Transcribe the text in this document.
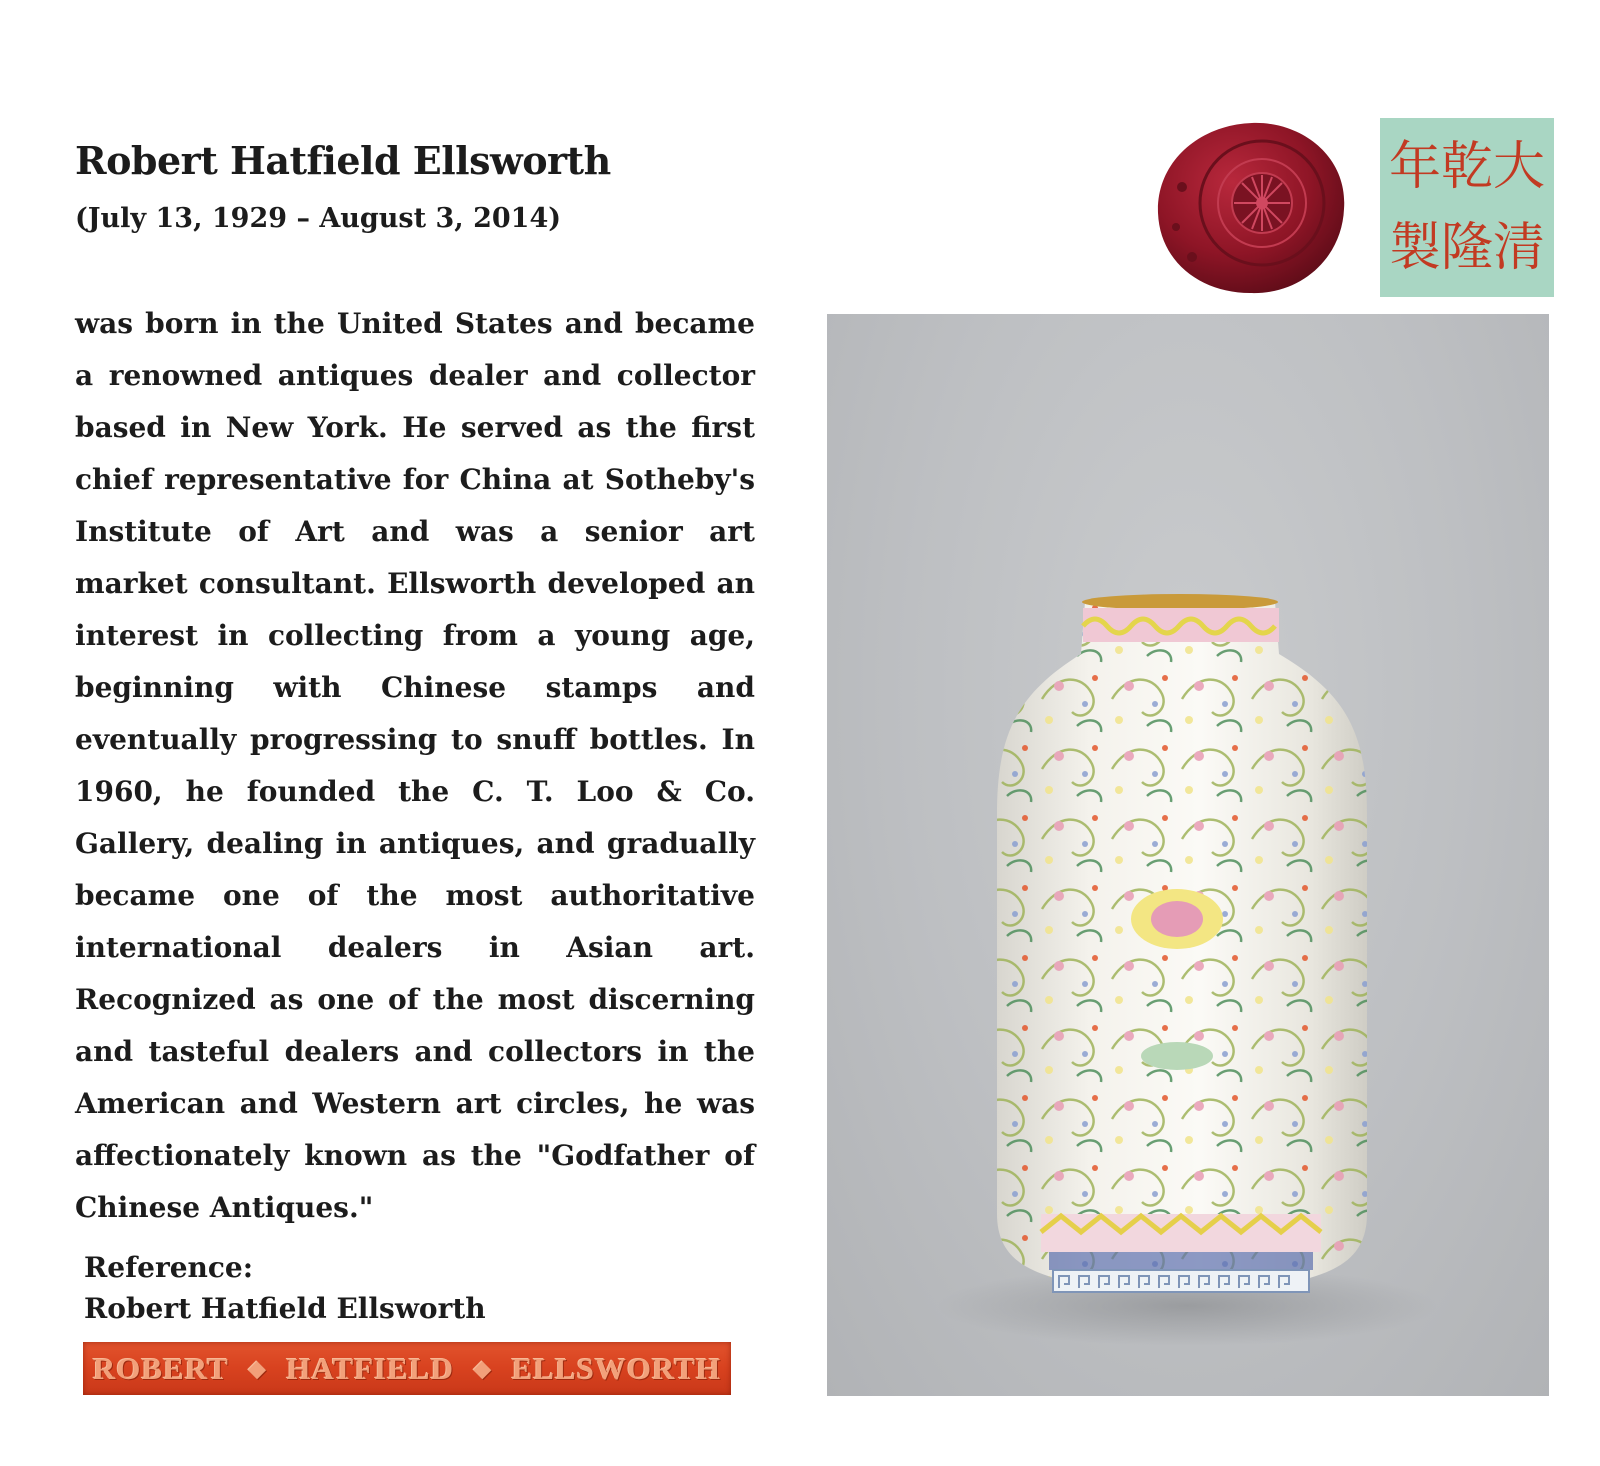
Robert Hatfield Ellsworth

(July 13, 1929 – August 3, 2014)

was born in the United States and became a renowned antiques dealer and collector based in New York. He served as the first chief representative for China at Sotheby's Institute of Art and was a senior art market consultant. Ellsworth developed an interest in collecting from a young age, beginning with Chinese stamps and eventually progressing to snuff bottles. In 1960, he founded the C. T. Loo & Co. Gallery, dealing in antiques, and gradually became one of the most authoritative international dealers in Asian art. Recognized as one of the most discerning and tasteful dealers and collectors in the American and Western art circles, he was affectionately known as the "Godfather of Chinese Antiques."

Reference:
Robert Hatfield Ellsworth
大
清
乾
隆
年
製
ROBERT ◆ HATFIELD ◆ ELLSWORTH
